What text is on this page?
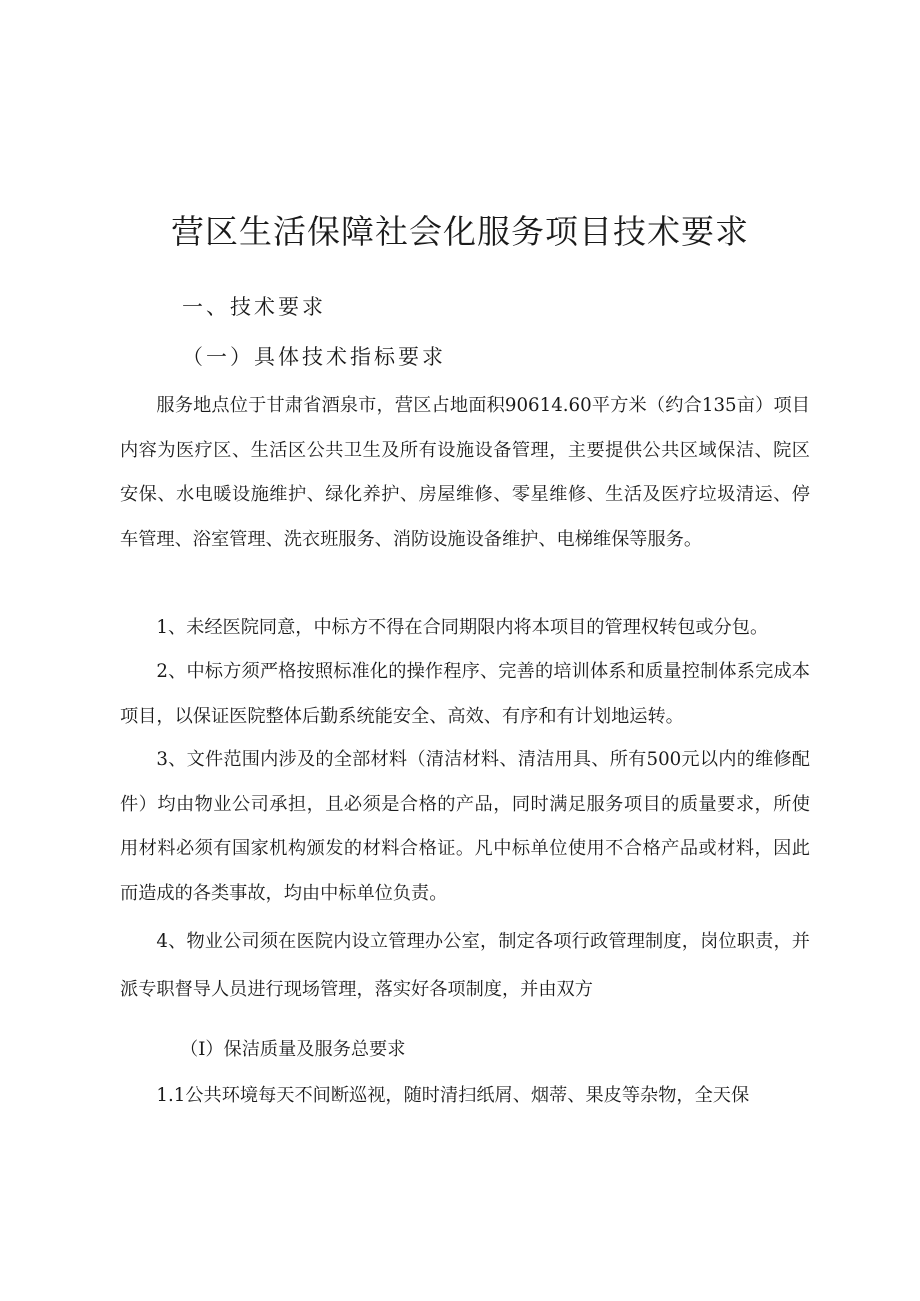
营区生活保障社会化服务项目技术要求
一、技术要求
（一）具体技术指标要求

服务地点位于甘肃省酒泉市，营区占地面积90614.60平方米（约合135亩）项目内容为医疗区、生活区公共卫生及所有设施设备管理，主要提供公共区域保洁、院区安保、水电暖设施维护、绿化养护、房屋维修、零星维修、生活及医疗垃圾清运、停车管理、浴室管理、洗衣班服务、消防设施设备维护、电梯维保等服务。

1、未经医院同意，中标方不得在合同期限内将本项目的管理权转包或分包。

2、中标方须严格按照标准化的操作程序、完善的培训体系和质量控制体系完成本项目，以保证医院整体后勤系统能安全、高效、有序和有计划地运转。

3、文件范围内涉及的全部材料（清洁材料、清洁用具、所有500元以内的维修配件）均由物业公司承担，且必须是合格的产品，同时满足服务项目的质量要求，所使用材料必须有国家机构颁发的材料合格证。凡中标单位使用不合格产品或材料，因此而造成的各类事故，均由中标单位负责。

4、物业公司须在医院内设立管理办公室，制定各项行政管理制度，岗位职责，并派专职督导人员进行现场管理，落实好各项制度，并由双方

（I）保洁质量及服务总要求

1.1公共环境每天不间断巡视，随时清扫纸屑、烟蒂、果皮等杂物，全天保
